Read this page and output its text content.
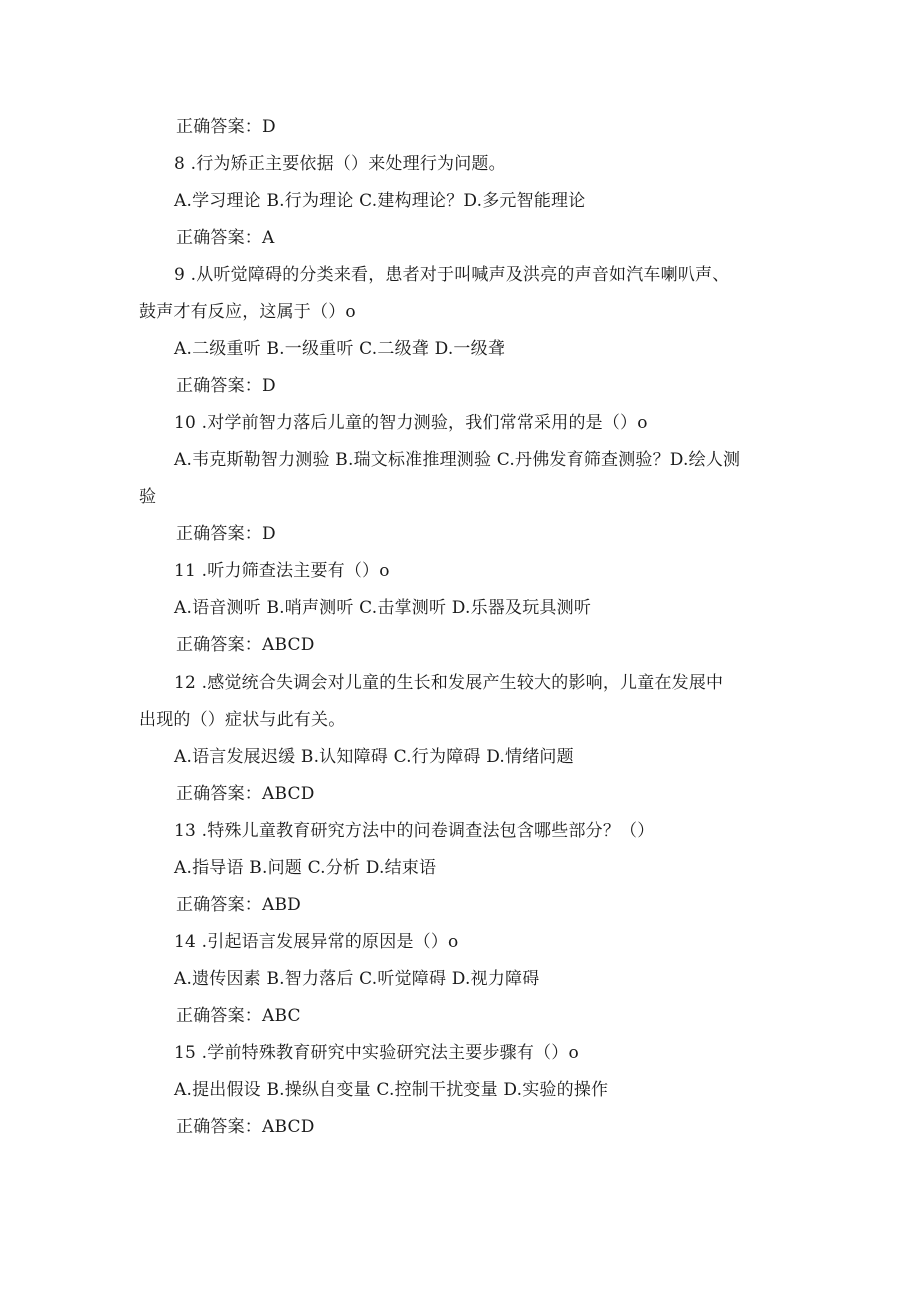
正确答案：D
8 .行为矫正主要依据（）来处理行为问题。
A.学习理论 B.行为理论 C.建构理论？D.多元智能理论
正确答案：A
9 .从听觉障碍的分类来看，患者对于叫喊声及洪亮的声音如汽车喇叭声、
鼓声才有反应，这属于（）o
A.二级重听 B.一级重听 C.二级聋 D.一级聋
正确答案：D
10 .对学前智力落后儿童的智力测验，我们常常采用的是（）o
A.韦克斯勒智力测验 B.瑞文标准推理测验 C.丹佛发育筛查测验？D.绘人测
验
正确答案：D
11 .听力筛查法主要有（）o
A.语音测听 B.哨声测听 C.击掌测听 D.乐器及玩具测听
正确答案：ABCD
12 .感觉统合失调会对儿童的生长和发展产生较大的影响，儿童在发展中
出现的（）症状与此有关。
A.语言发展迟缓 B.认知障碍 C.行为障碍 D.情绪问题
正确答案：ABCD
13 .特殊儿童教育研究方法中的问卷调查法包含哪些部分？（）
A.指导语 B.问题 C.分析 D.结束语
正确答案：ABD
14 .引起语言发展异常的原因是（）o
A.遗传因素 B.智力落后 C.听觉障碍 D.视力障碍
正确答案：ABC
15 .学前特殊教育研究中实验研究法主要步骤有（）o
A.提出假设 B.操纵自变量 C.控制干扰变量 D.实验的操作
正确答案：ABCD
